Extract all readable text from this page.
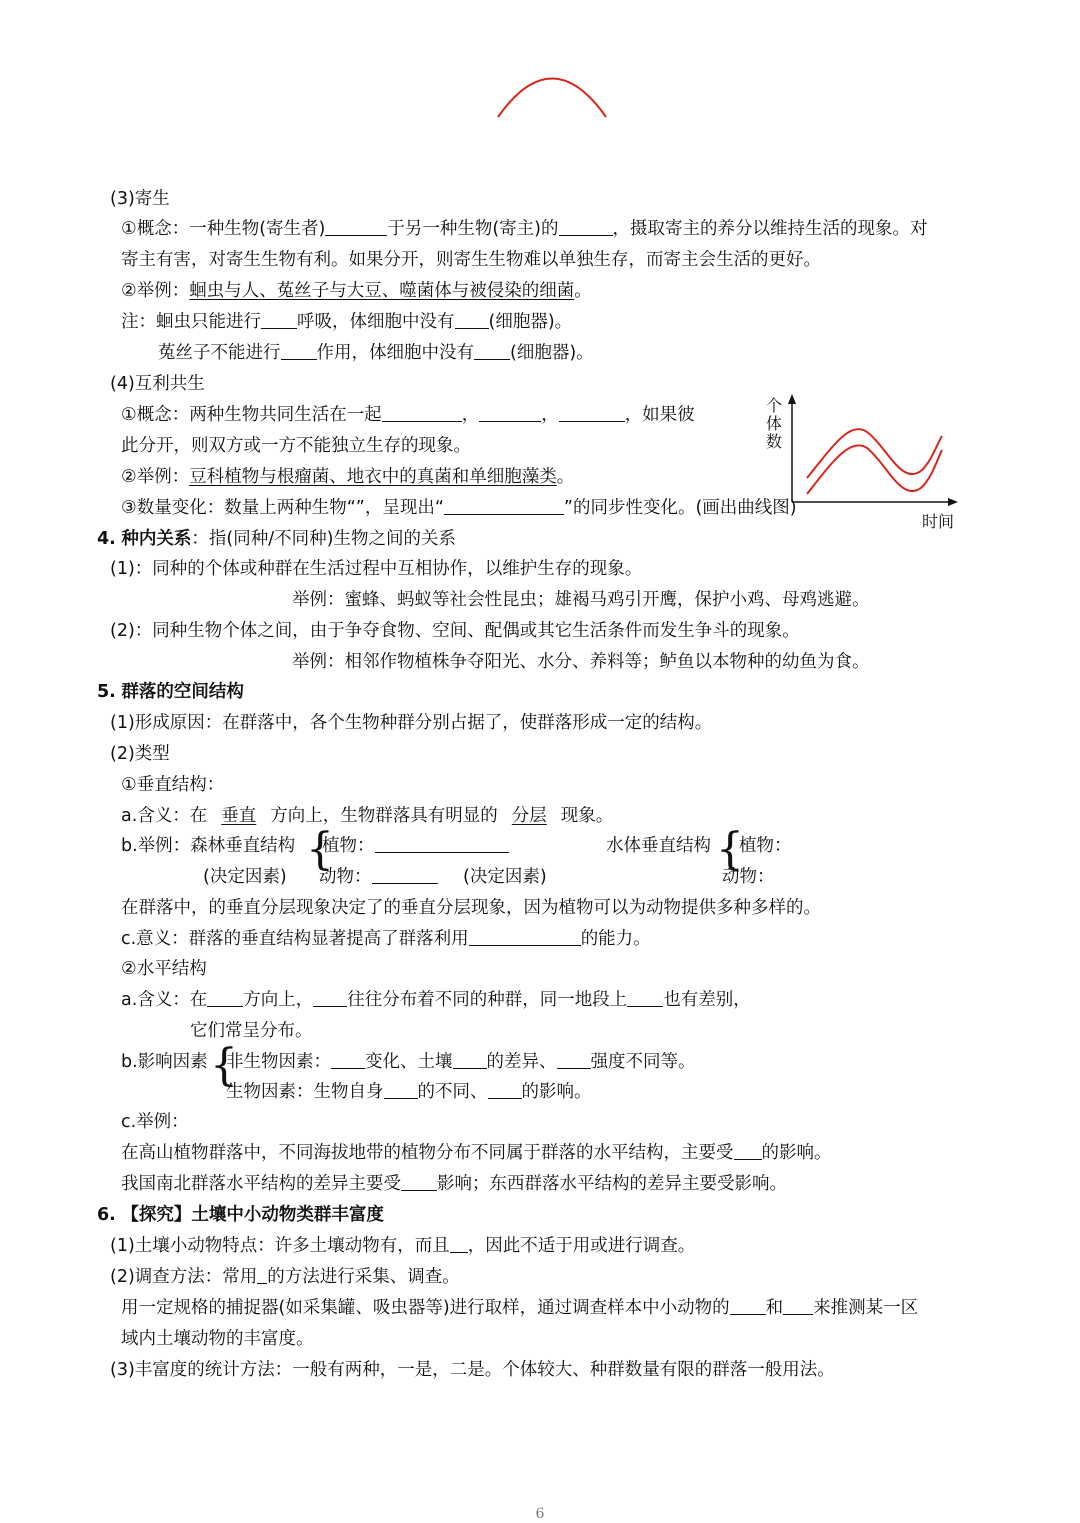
(3)寄生
①概念：一种生物(寄生者)	于另一种生物(寄主)的	，摄取寄主的养分以维持生活的现象。对
寄主有害，对寄生生物有利。如果分开，则寄生生物难以单独生存，而寄主会生活的更好。
②举例：蛔虫与人、菟丝子与大豆、噬菌体与被侵染的细菌。
注：蛔虫只能进行 呼吸，体细胞中没有 (细胞器)。
菟丝子不能进行 作用，体细胞中没有 (细胞器)。
(4)互利共生
①概念：两种生物共同生活在一起	，	，	，如果彼
此分开，则双方或一方不能独立生存的现象。
②举例：豆科植物与根瘤菌、地衣中的真菌和单细胞藻类。
③数量变化：数量上两种生物“”，呈现出“	”的同步性变化。(画出曲线图)
个体数
时间
4. 种内关系：指(同种/不同种)生物之间的关系
(1)：同种的个体或种群在生活过程中互相协作，以维护生存的现象。
举例：蜜蜂、蚂蚁等社会性昆虫；雄褐马鸡引开鹰，保护小鸡、母鸡逃避。
(2)：同种生物个体之间，由于争夺食物、空间、配偶或其它生活条件而发生争斗的现象。
举例：相邻作物植株争夺阳光、水分、养料等；鲈鱼以本物种的幼鱼为食。
5. 群落的空间结构
(1)形成原因：在群落中，各个生物种群分别占据了，使群落形成一定的结构。
(2)类型
①垂直结构：
a.含义：在 垂直 方向上，生物群落具有明显的 分层 现象。
b.举例：森林垂直结构 {
植物：	水体垂直结构 {
植物：
(决定因素) 动物：	(决定因素)	动物：
在群落中，的垂直分层现象决定了的垂直分层现象，因为植物可以为动物提供多种多样的。
c.意义：群落的垂直结构显著提高了群落利用	的能力。
②水平结构
a.含义：在 方向上， 往往分布着不同的种群，同一地段上 也有差别，
它们常呈分布。
b.影响因素 {
非生物因素： 变化、土壤 的差异、 强度不同等。
生物因素：生物自身 的不同、 的影响。
c.举例：
在高山植物群落中，不同海拔地带的植物分布不同属于群落的水平结构，主要受 的影响。
我国南北群落水平结构的差异主要受 影响；东西群落水平结构的差异主要受影响。
6. 【探究】土壤中小动物类群丰富度
(1)土壤小动物特点：许多土壤动物有，而且 ，因此不适于用或进行调查。
(2)调查方法：常用 的方法进行采集、调查。
用一定规格的捕捉器(如采集罐、吸虫器等)进行取样，通过调查样本中小动物的 和 来推测某一区
域内土壤动物的丰富度。
(3)丰富度的统计方法：一般有两种，一是，二是。个体较大、种群数量有限的群落一般用法。
6
